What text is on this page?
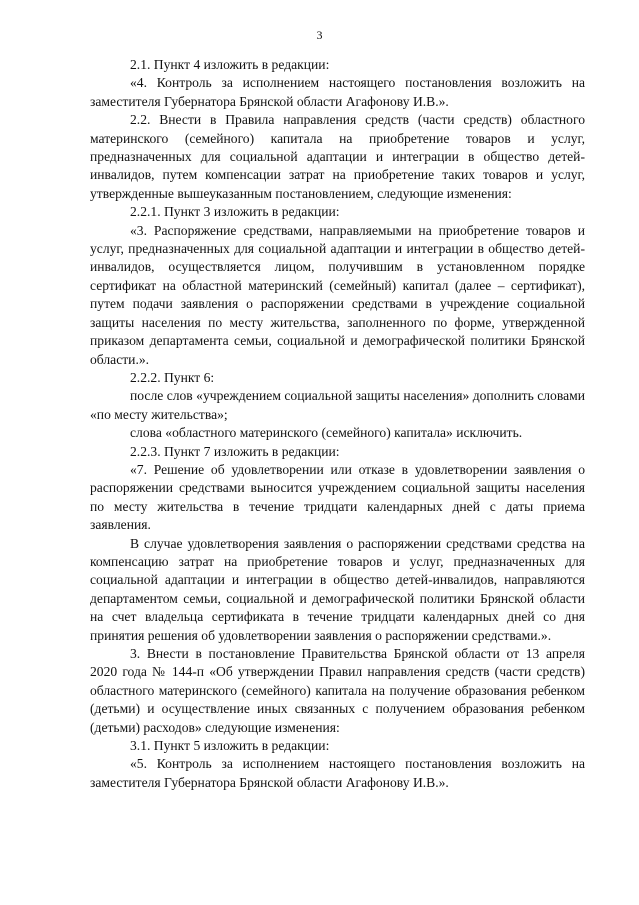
3

2.1. Пункт 4 изложить в редакции:

«4. Контроль за исполнением настоящего постановления возложить на заместителя Губернатора Брянской области Агафонову И.В.».

2.2. Внести в Правила направления средств (части средств) областного материнского (семейного) капитала на приобретение товаров и услуг, предназначенных для социальной адаптации и интеграции в общество детей-инвалидов, путем компенсации затрат на приобретение таких товаров и услуг, утвержденные вышеуказанным постановлением, следующие изменения:

2.2.1. Пункт 3 изложить в редакции:

«3. Распоряжение средствами, направляемыми на приобретение товаров и услуг, предназначенных для социальной адаптации и интеграции в общество детей-инвалидов, осуществляется лицом, получившим в установленном порядке сертификат на областной материнский (семейный) капитал (далее – сертификат), путем подачи заявления о распоряжении средствами в учреждение социальной защиты населения по месту жительства, заполненного по форме, утвержденной приказом департамента семьи, социальной и демографической политики Брянской области.».

2.2.2. Пункт 6:

после слов «учреждением социальной защиты населения» дополнить словами «по месту жительства»;

слова «областного материнского (семейного) капитала» исключить.

2.2.3. Пункт 7 изложить в редакции:

«7. Решение об удовлетворении или отказе в удовлетворении заявления о распоряжении средствами выносится учреждением социальной защиты населения по месту жительства в течение тридцати календарных дней с даты приема заявления.

В случае удовлетворения заявления о распоряжении средствами средства на компенсацию затрат на приобретение товаров и услуг, предназначенных для социальной адаптации и интеграции в общество детей-инвалидов, направляются департаментом семьи, социальной и демографической политики Брянской области на счет владельца сертификата в течение тридцати календарных дней со дня принятия решения об удовлетворении заявления о распоряжении средствами.».

3. Внести в постановление Правительства Брянской области от 13 апреля 2020 года № 144-п «Об утверждении Правил направления средств (части средств) областного материнского (семейного) капитала на получение образования ребенком (детьми) и осуществление иных связанных с получением образования ребенком (детьми) расходов» следующие изменения:

3.1. Пункт 5 изложить в редакции:

«5. Контроль за исполнением настоящего постановления возложить на заместителя Губернатора Брянской области Агафонову И.В.».
